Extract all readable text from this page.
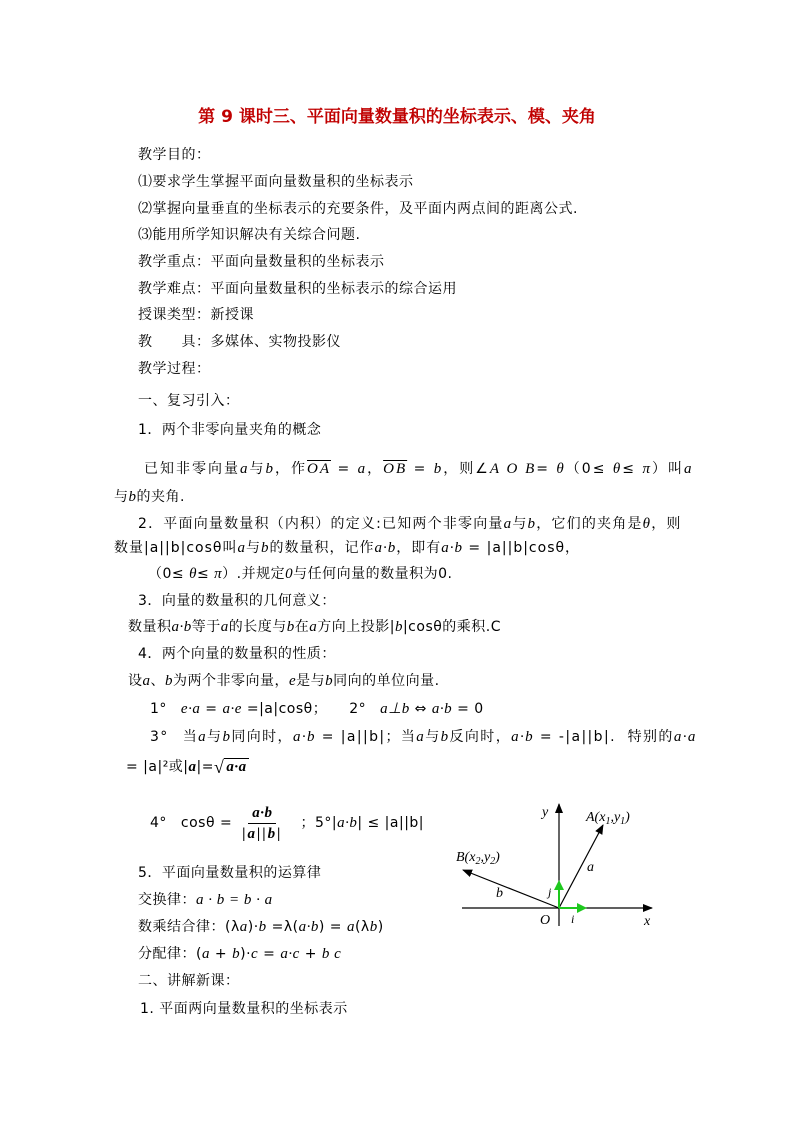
第 9 课时三、平面向量数量积的坐标表示、模、夹角
教学目的：
⑴要求学生掌握平面向量数量积的坐标表示
⑵掌握向量垂直的坐标表示的充要条件，及平面内两点间的距离公式.
⑶能用所学知识解决有关综合问题.
教学重点：平面向量数量积的坐标表示
教学难点：平面向量数量积的坐标表示的综合运用
授课类型：新授课
教　　具：多媒体、实物投影仪
教学过程：
一、复习引入：
1．两个非零向量夹角的概念
已知非零向量 a 与 b ，作 $\overline{OA} = a$ ， $\overline{OB} = b$ ，则∠ A O B = θ （0≤ θ ≤ π ）叫 a
与 b 的夹角.
2．平面向量数量积（内积）的定义:已知两个非零向量 a 与 b ，它们的夹角是 θ ，则
数量|a||b|cosθ叫 a 与 b 的数量积，记作 a·b ，即有 a·b = |a||b|cosθ，
（0≤ θ ≤ π ）.并规定 0 与任何向量的数量积为0.
3．向量的数量积的几何意义：
数量积 a·b 等于 a 的长度与 b 在 a 方向上投影| b |cosθ的乘积.C
4．两个向量的数量积的性质：
设 a 、 b 为两个非零向量， e 是与 b 同向的单位向量.
1° e·a = a·e =|a|cosθ； 2° a⊥b ⇔ a·b = 0
3° 当 a 与 b 同向时， a·b = |a||b|；当 a 与 b 反向时， a·b = -|a||b|.  特别的 a·a
= |a|²或| a |= √ a·a
4° $\cos\theta = \frac{a\cdot b}{|a||b|}$ ；5°| a·b | ≤ |a||b|
5．平面向量数量积的运算律
交换律： a · b = b · a
数乘结合律：(λ a )· b =λ( a·b ) = a (λ b )
分配律：( a + b )· c = a·c + b c
二、讲解新课：
1. 平面两向量数量积的坐标表示
y
x
O
a
b	j
i
$A(x_1,y_1)$
$B(x_2,y_2)$
